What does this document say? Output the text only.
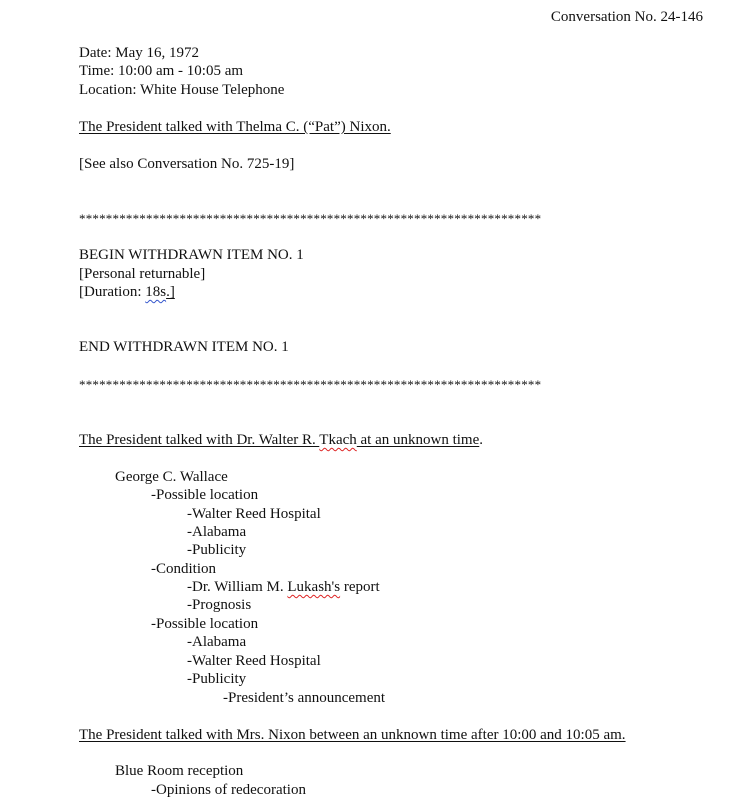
Conversation No. 24-146
Date: May 16, 1972
Time: 10:00 am - 10:05 am
Location: White House Telephone
The President talked with Thelma C. (“Pat”) Nixon.
[See also Conversation No. 725-19]
*********************************************************************
BEGIN WITHDRAWN ITEM NO. 1
[Personal returnable]
[Duration: 18s.]
END WITHDRAWN ITEM NO. 1
*********************************************************************
The President talked with Dr. Walter R. Tkach at an unknown time.
George C. Wallace
-Possible location
-Walter Reed Hospital
-Alabama
-Publicity
-Condition
-Dr. William M. Lukash's report
-Prognosis
-Possible location
-Alabama
-Walter Reed Hospital
-Publicity
-President’s announcement
The President talked with Mrs. Nixon between an unknown time after 10:00 and 10:05 am.
Blue Room reception
-Opinions of redecoration
